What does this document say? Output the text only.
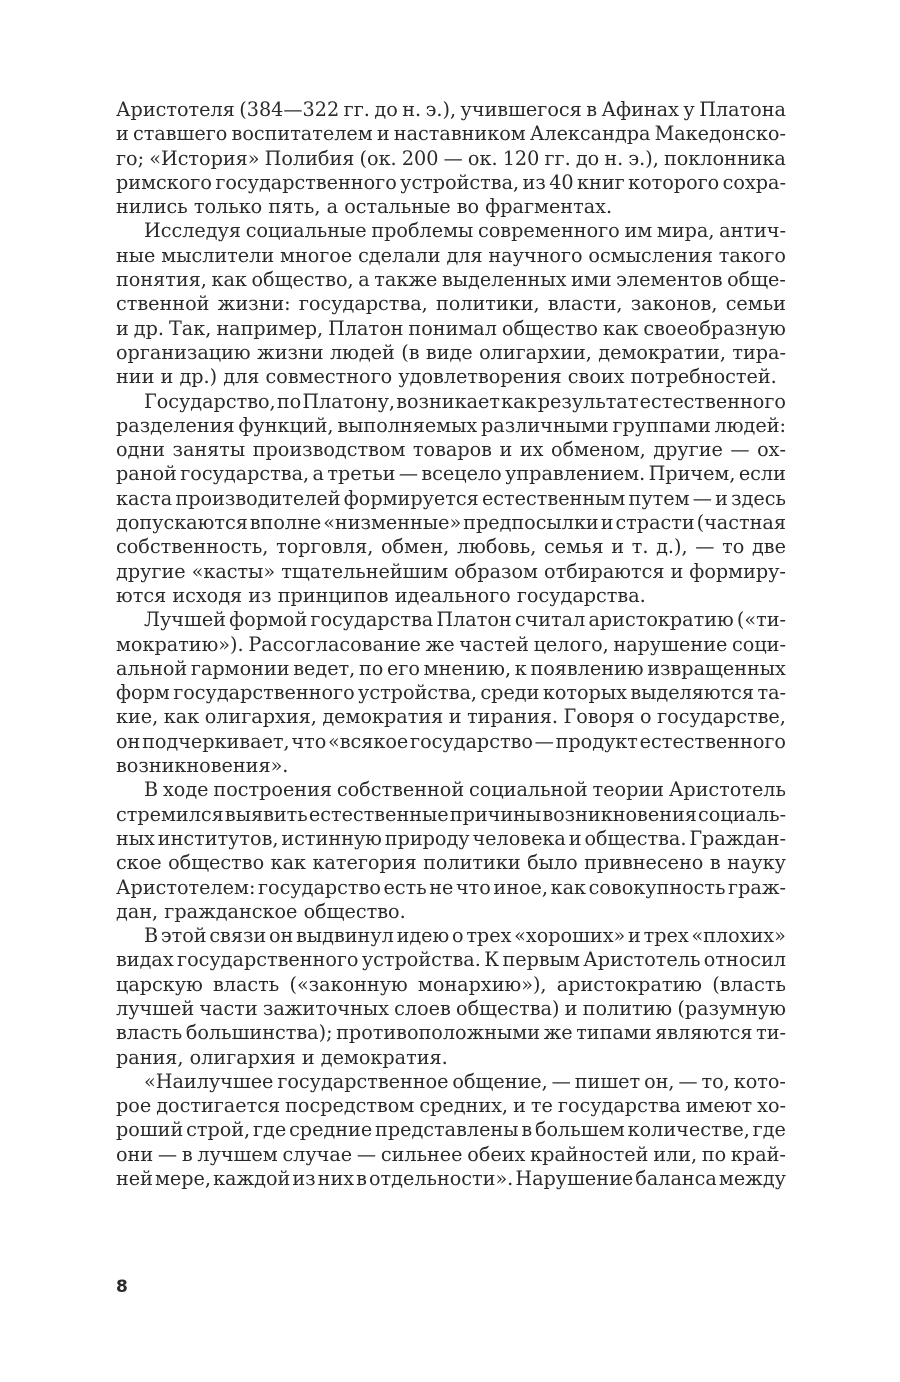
Аристотеля (384—322 гг. до н. э.), учившегося в Афинах у Платона
и ставшего воспитателем и наставником Александра Македонско-
го; «История» Полибия (ок. 200 — ок. 120 гг. до н. э.), поклонника
римского государственного устройства, из 40 книг которого сохра-
нились только пять, а остальные во фрагментах.
Исследуя социальные проблемы современного им мира, антич-
ные мыслители многое сделали для научного осмысления такого
понятия, как общество, а также выделенных ими элементов обще-
ственной жизни: государства, политики, власти, законов, семьи
и др. Так, например, Платон понимал общество как своеобразную
организацию жизни людей (в виде олигархии, демократии, тира-
нии и др.) для совместного удовлетворения своих потребностей.
Государство, по Платону, возникает как результат естественного
разделения функций, выполняемых различными группами людей:
одни заняты производством товаров и их обменом, другие — ох-
раной государства, а третьи — всецело управлением. Причем, если
каста производителей формируется естественным путем — и здесь
допускаются вполне «низменные» предпосылки и страсти (частная
собственность, торговля, обмен, любовь, семья и т. д.), — то две
другие «касты» тщательнейшим образом отбираются и формиру-
ются исходя из принципов идеального государства.
Лучшей формой государства Платон считал аристократию («ти-
мократию»). Рассогласование же частей целого, нарушение соци-
альной гармонии ведет, по его мнению, к появлению извращенных
форм государственного устройства, среди которых выделяются та-
кие, как олигархия, демократия и тирания. Говоря о государстве,
он подчеркивает, что «всякое государство — продукт естественного
возникновения».
В ходе построения собственной социальной теории Аристотель
стремился выявить естественные причины возникновения социаль-
ных институтов, истинную природу человека и общества. Граждан-
ское общество как категория политики было привнесено в науку
Аристотелем: государство есть не что иное, как совокупность граж-
дан, гражданское общество.
В этой связи он выдвинул идею о трех «хороших» и трех «плохих»
видах государственного устройства. К первым Аристотель относил
царскую власть («законную монархию»), аристократию (власть
лучшей части зажиточных слоев общества) и политию (разумную
власть большинства); противоположными же типами являются ти-
рания, олигархия и демократия.
«Наилучшее государственное общение, — пишет он, — то, кото-
рое достигается посредством средних, и те государства имеют хо-
роший строй, где средние представлены в большем количестве, где
они — в лучшем случае — сильнее обеих крайностей или, по край-
ней мере, каждой из них в отдельности». Нарушение баланса между
8
